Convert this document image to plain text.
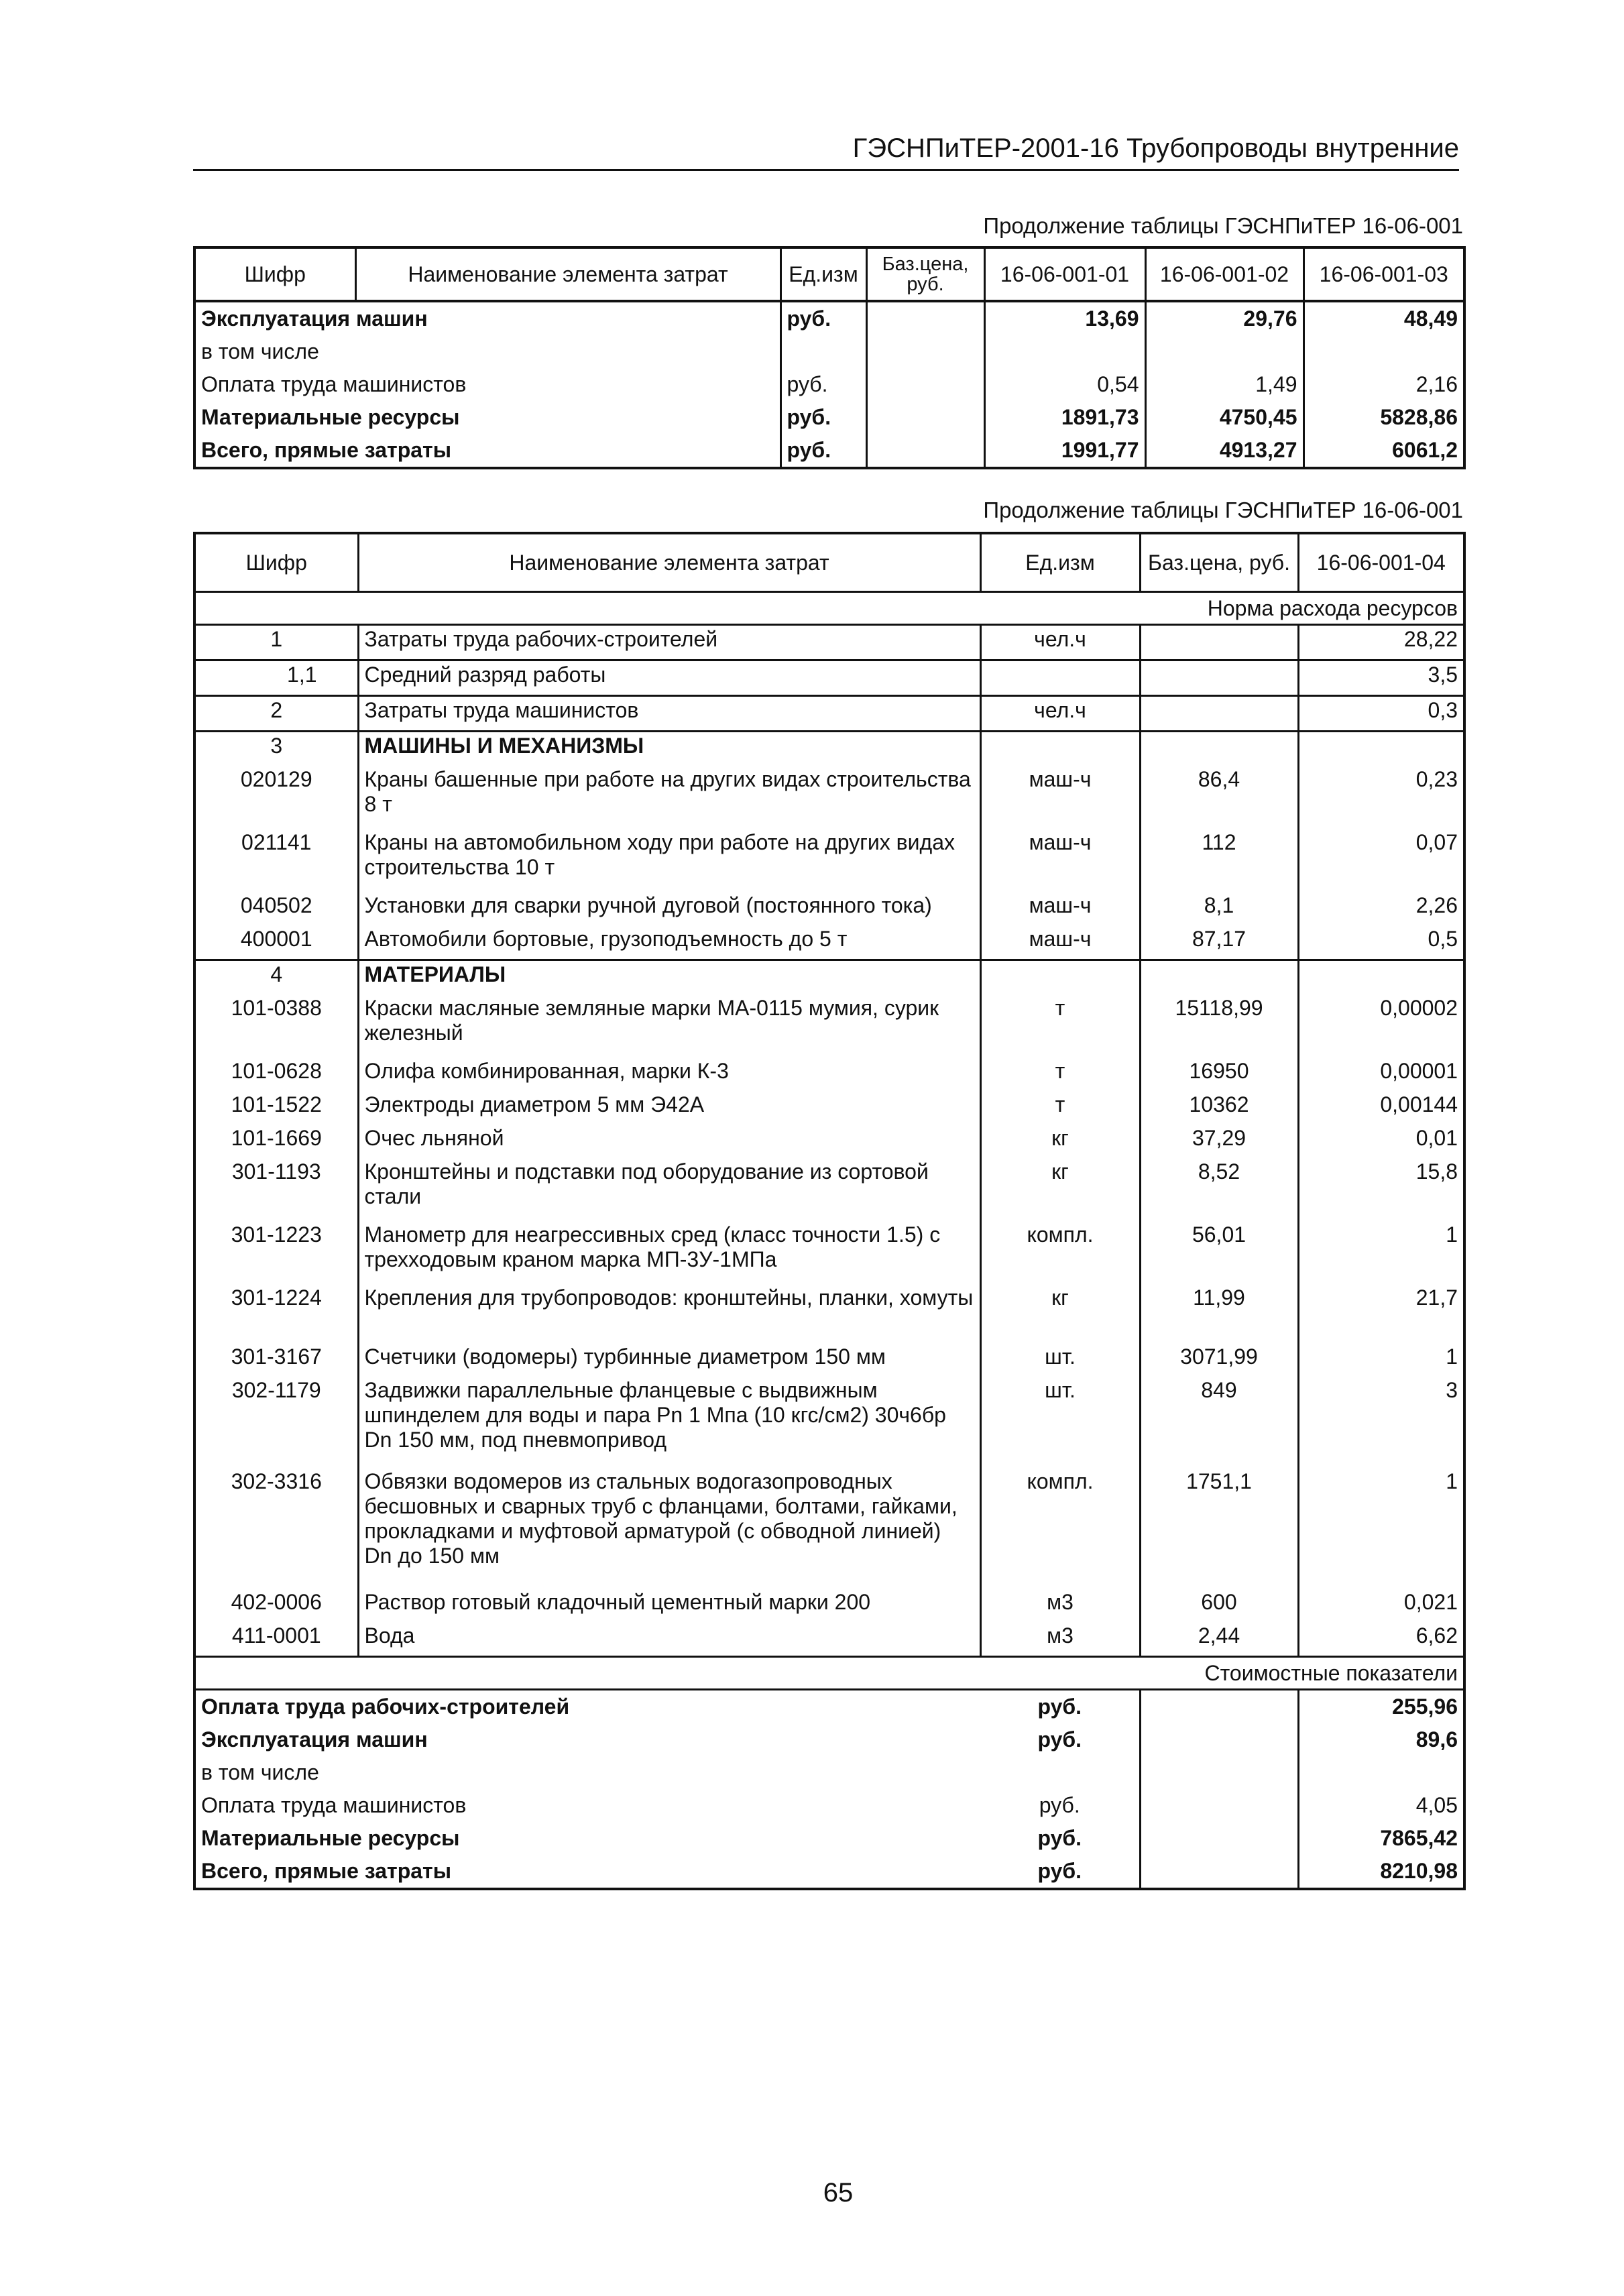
ГЭСНПиТЕР-2001-16 Трубопроводы внутренние
Продолжение таблицы ГЭСНПиТЕР 16-06-001
Шифр	Наименование элемента затрат	Ед.изм	Баз.цена, руб.	16-06-001-01	16-06-001-02	16-06-001-03
Эксплуатация машин		руб.		13,69	29,76	48,49
в том числе						
Оплата труда машинистов		руб.		0,54	1,49	2,16
Материальные ресурсы		руб.		1891,73	4750,45	5828,86
Всего, прямые затраты		руб.		1991,77	4913,27	6061,2
Продолжение таблицы ГЭСНПиТЕР 16-06-001
Шифр	Наименование элемента затрат	Ед.изм	Баз.цена, руб.	16-06-001-04
Норма расхода ресурсов				
1	Затраты труда рабочих-строителей	чел.ч		28,22
1,1	Средний разряд работы			3,5
2	Затраты труда машинистов	чел.ч		0,3
3	МАШИНЫ И МЕХАНИЗМЫ			
020129	Краны башенные при работе на других видах строительства 8 т	маш-ч	86,4	0,23
021141	Краны на автомобильном ходу при работе на других видах строительства 10 т	маш-ч	112	0,07
040502	Установки для сварки ручной дуговой (постоянного тока)	маш-ч	8,1	2,26
400001	Автомобили бортовые, грузоподъемность до 5 т	маш-ч	87,17	0,5
4	МАТЕРИАЛЫ			
101-0388	Краски масляные земляные марки МА-0115 мумия, сурик железный	т	15118,99	0,00002
101-0628	Олифа комбинированная, марки К-3	т	16950	0,00001
101-1522	Электроды диаметром 5 мм Э42А	т	10362	0,00144
101-1669	Очес льняной	кг	37,29	0,01
301-1193	Кронштейны и подставки под оборудование из сортовой стали	кг	8,52	15,8
301-1223	Манометр для неагрессивных сред (класс точности 1.5) с трехходовым краном марка МП-3У-1МПа	компл.	56,01	1
301-1224	Крепления для трубопроводов: кронштейны, планки, хомуты	кг	11,99	21,7
301-3167	Счетчики (водомеры) турбинные диаметром 150 мм	шт.	3071,99	1
302-1179	Задвижки параллельные фланцевые с выдвижным шпинделем для воды и пара Pn 1 Мпа (10 кгс/см2) 30ч6бр Dn 150 мм, под пневмопривод	шт.	849	3
302-3316	Обвязки водомеров из стальных водогазопроводных бесшовных и сварных труб с фланцами, болтами, гайками, прокладками и муфтовой арматурой (с обводной линией) Dn до 150 мм	компл.	1751,1	1
402-0006	Раствор готовый кладочный цементный марки 200	м3	600	0,021
411-0001	Вода	м3	2,44	6,62
Стоимостные показатели				
Оплата труда рабочих-строителей		руб.		255,96
Эксплуатация машин		руб.		89,6
в том числе				
Оплата труда машинистов		руб.		4,05
Материальные ресурсы		руб.		7865,42
Всего, прямые затраты		руб.		8210,98
65
